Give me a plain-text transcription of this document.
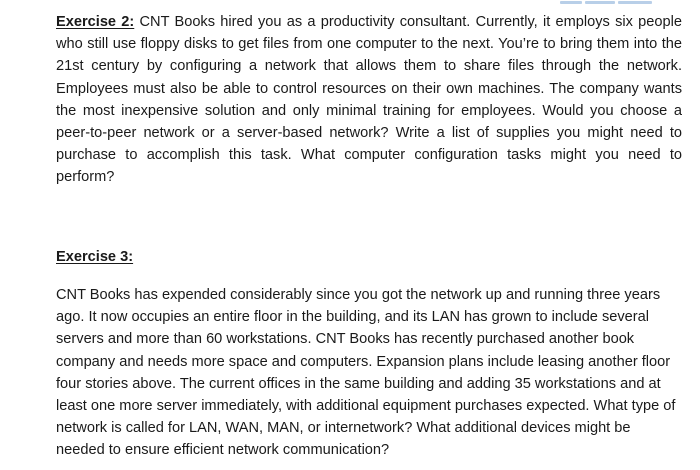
Exercise 2: CNT Books hired you as a productivity consultant. Currently, it employs six people who still use floppy disks to get files from one computer to the next. You’re to bring them into the 21st century by configuring a network that allows them to share files through the network. Employees must also be able to control resources on their own machines. The company wants the most inexpensive solution and only minimal training for employees. Would you choose a peer-to-peer network or a server-based network? Write a list of supplies you might need to purchase to accomplish this task. What computer configuration tasks might you need to perform?
Exercise 3:
CNT Books has expended considerably since you got the network up and running three years ago. It now occupies an entire floor in the building, and its LAN has grown to include several servers and more than 60 workstations. CNT Books has recently purchased another book company and needs more space and computers. Expansion plans include leasing another floor four stories above. The current offices in the same building and adding 35 workstations and at least one more server immediately, with additional equipment purchases expected. What type of network is called for LAN, WAN, MAN, or internetwork? What additional devices might be needed to ensure efficient network communication?
